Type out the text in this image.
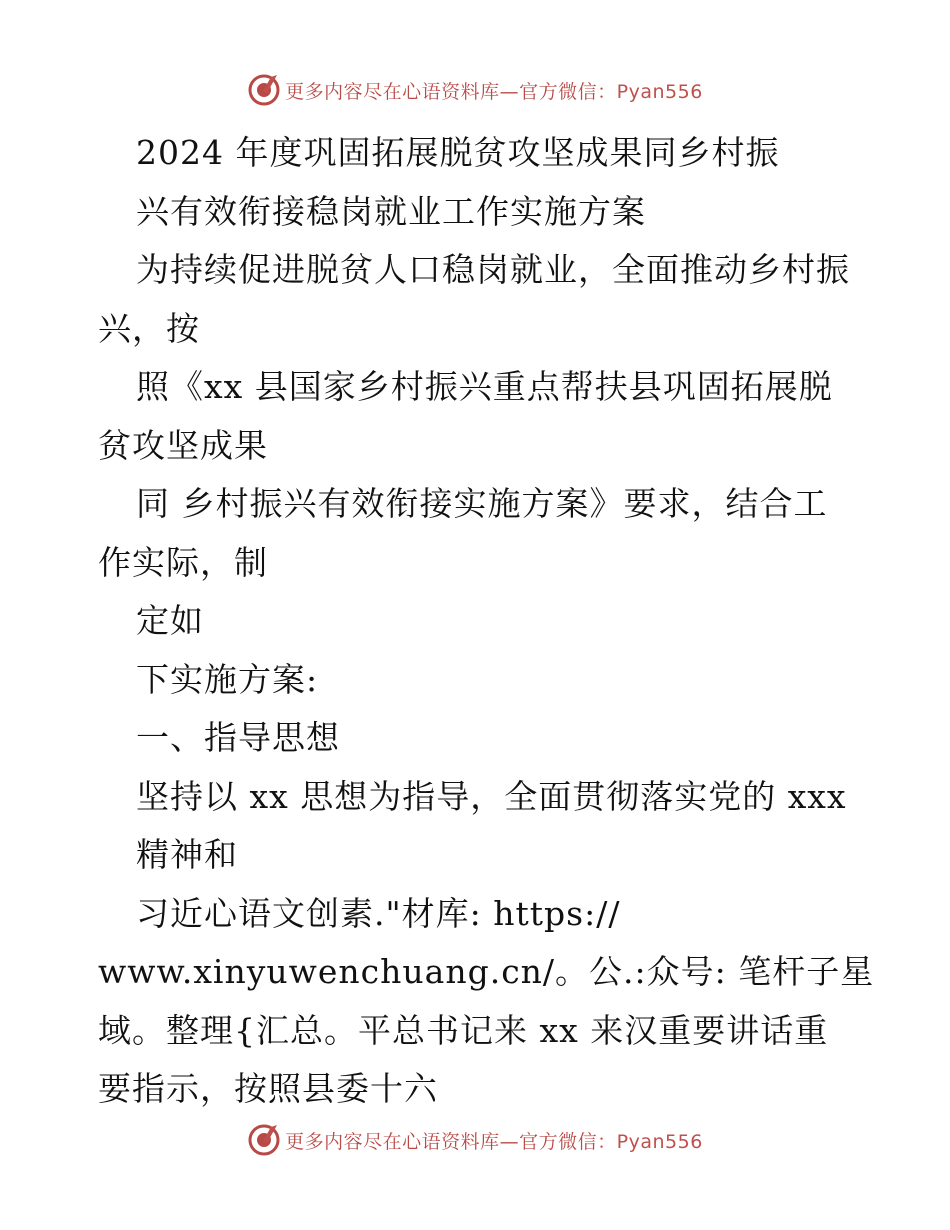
更多内容尽在心语资料库—官方微信：Pyan556
2024 年度巩固拓展脱贫攻坚成果同乡村振
兴有效衔接稳岗就业工作实施方案
为持续促进脱贫人口稳岗就业，全面推动乡村振
兴，按
照《xx 县国家乡村振兴重点帮扶县巩固拓展脱
贫攻坚成果
同 乡村振兴有效衔接实施方案》要求，结合工
作实际，制
定如
下实施方案:
一、指导思想
坚持以 xx 思想为指导，全面贯彻落实党的 xxx
精神和
习近心语文创素."材库: https://
www.xinyuwenchuang.cn/。公.:众号: 笔杆子星
域。整理{汇总。平总书记来 xx 来汉重要讲话重
要指示，按照县委十六
更多内容尽在心语资料库—官方微信：Pyan556
